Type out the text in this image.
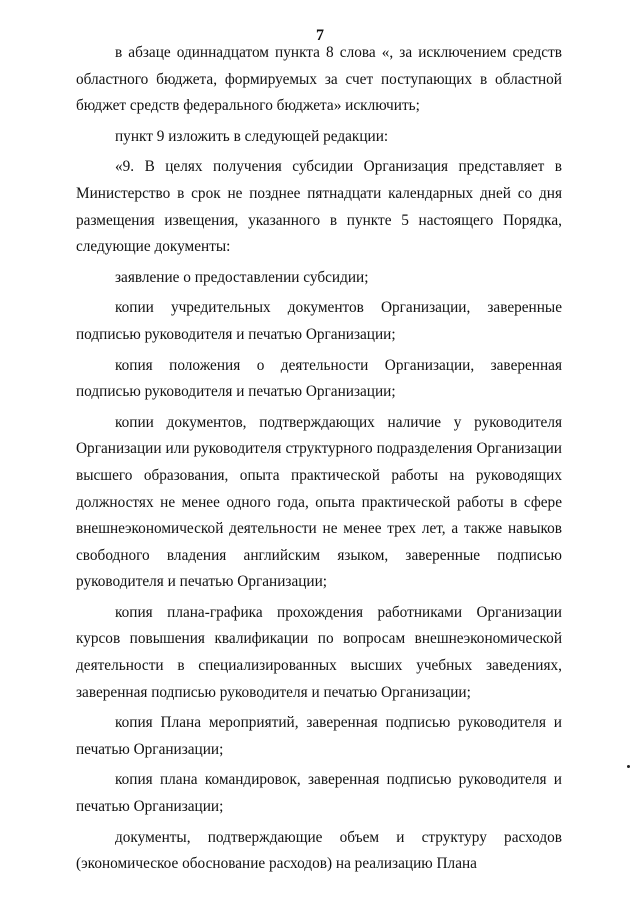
7

в абзаце одиннадцатом пункта 8 слова «, за исключением средств областного бюджета, формируемых за счет поступающих в областной бюджет средств федерального бюджета» исключить;

пункт 9 изложить в следующей редакции:

«9. В целях получения субсидии Организация представляет в Министерство в срок не позднее пятнадцати календарных дней со дня размещения извещения, указанного в пункте 5 настоящего Порядка, следующие документы:

заявление о предоставлении субсидии;

копии учредительных документов Организации, заверенные подписью руководителя и печатью Организации;

копия положения о деятельности Организации, заверенная подписью руководителя и печатью Организации;

копии документов, подтверждающих наличие у руководителя Организации или руководителя структурного подразделения Организации высшего образования, опыта практической работы на руководящих должностях не менее одного года, опыта практической работы в сфере внешнеэкономической деятельности не менее трех лет, а также навыков свободного владения английским языком, заверенные подписью руководителя и печатью Организации;

копия плана-графика прохождения работниками Организации курсов повышения квалификации по вопросам внешнеэкономической деятельности в специализированных высших учебных заведениях, заверенная подписью руководителя и печатью Организации;

копия Плана мероприятий, заверенная подписью руководителя и печатью Организации;

копия плана командировок, заверенная подписью руководителя и печатью Организации;

документы, подтверждающие объем и структуру расходов (экономическое обоснование расходов) на реализацию Плана
